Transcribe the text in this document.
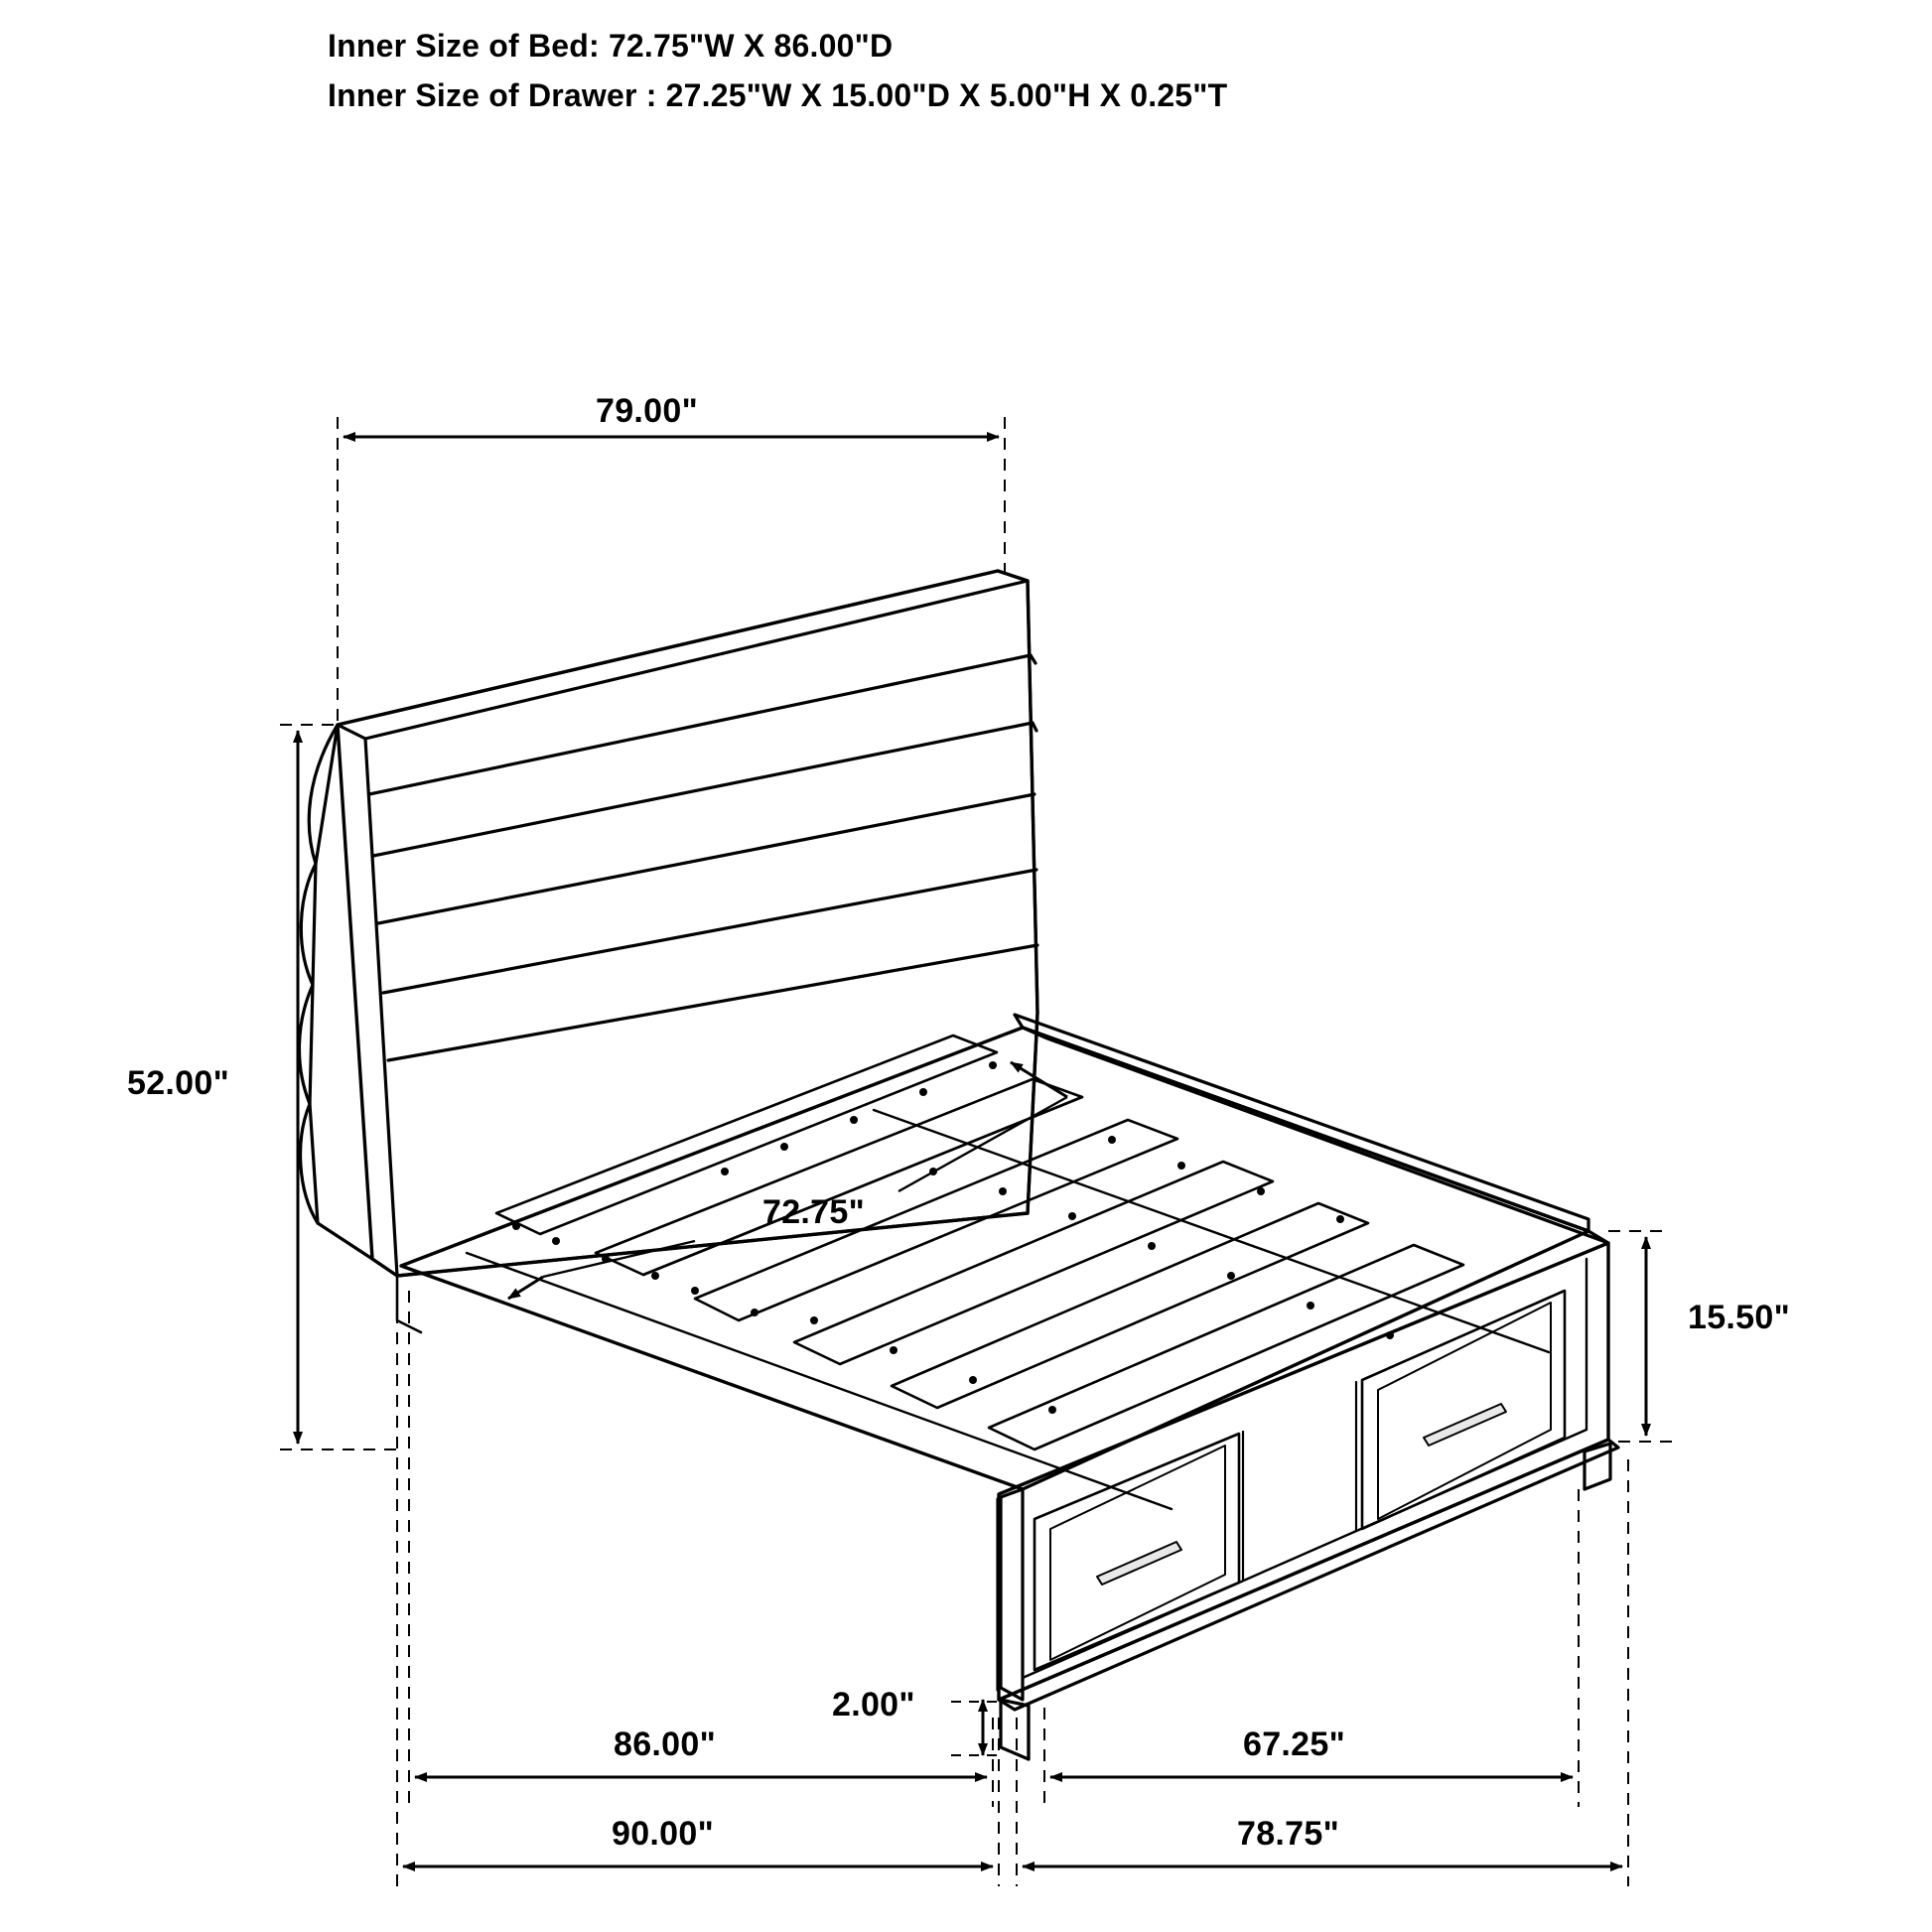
Inner Size of Bed: 72.75"W X 86.00"D
Inner Size of Drawer : 27.25"W X 15.00"D X 5.00"H X 0.25"T
79.00"
52.00"
72.75"
15.50"
2.00"
86.00"	67.25"
90.00"	78.75"
